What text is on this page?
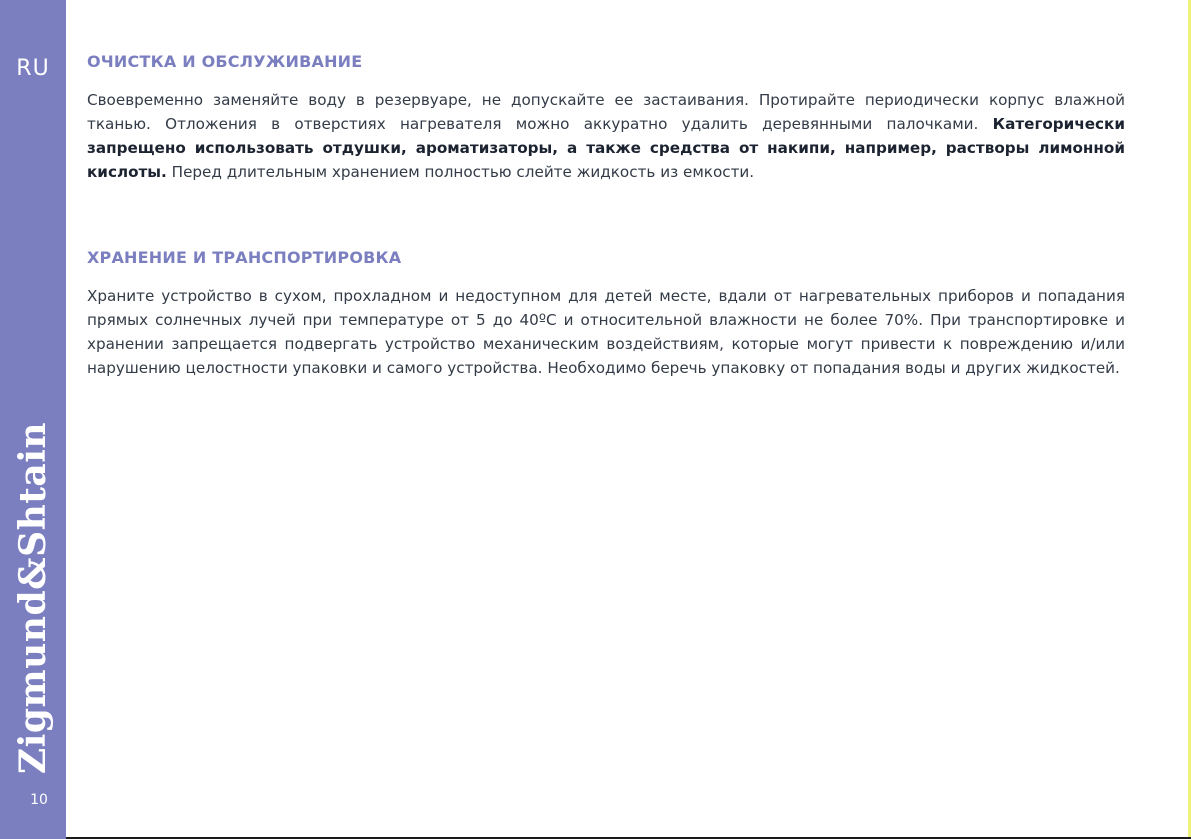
RU
Zigmund&Shtain
10
ОЧИСТКА И ОБСЛУЖИВАНИЕ

Своевременно заменяйте воду в резервуаре, не допускайте ее застаивания. Протирайте периодически корпус влажной тканью. Отложения в отверстиях нагревателя можно аккуратно удалить деревянными палочками. Категорически запрещено использовать отдушки, ароматизаторы, а также средства от накипи, например, растворы лимонной кислоты. Перед длительным хранением полностью слейте жидкость из емкости.

ХРАНЕНИЕ И ТРАНСПОРТИРОВКА

Храните устройство в сухом, прохладном и недоступном для детей месте, вдали от нагревательных приборов и попадания прямых солнечных лучей при температуре от 5 до 40ºС и относительной влажности не более 70%. При транспортировке и хранении запрещается подвергать устройство механическим воздействиям, которые могут привести к повреждению и/или нарушению целостности упаковки и самого устройства. Необходимо беречь упаковку от попадания воды и других жидкостей.
